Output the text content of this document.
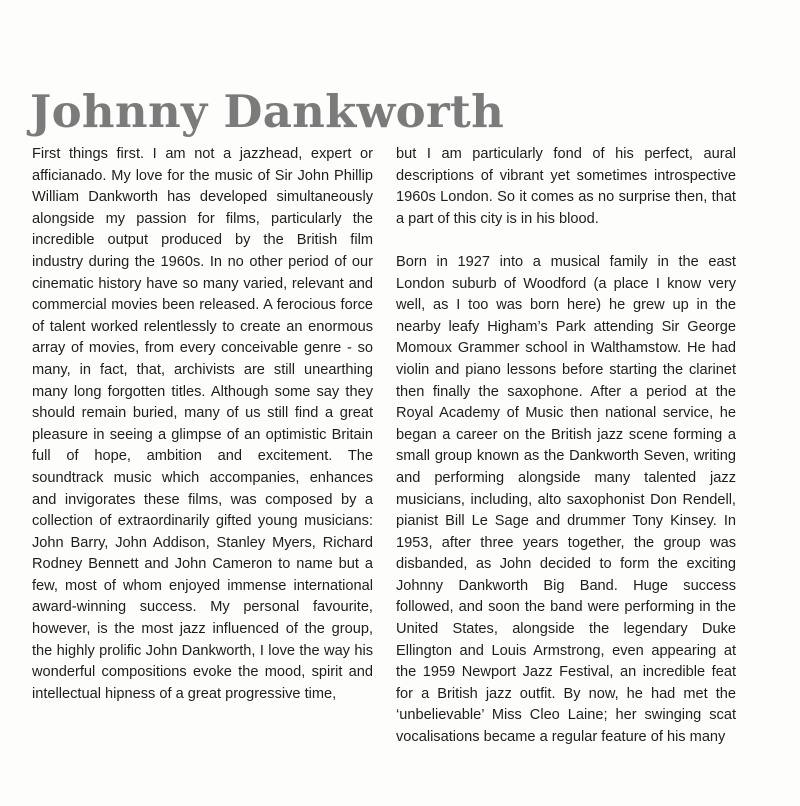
Johnny Dankworth

First things first. I am not a jazzhead, expert or afficianado. My love for the music of Sir John Phillip William Dankworth has developed simultaneously alongside my passion for films, particularly the incredible output produced by the British film industry during the 1960s. In no other period of our cinematic history have so many varied, relevant and commercial movies been released. A ferocious force of talent worked relentlessly to create an enormous array of movies, from every conceivable genre - so many, in fact, that, archivists are still unearthing many long forgotten titles. Although some say they should remain buried, many of us still find a great pleasure in seeing a glimpse of an optimistic Britain full of hope, ambition and excitement. The soundtrack music which accompanies, enhances and invigorates these films, was composed by a collection of extraordinarily gifted young musicians: John Barry, John Addison, Stanley Myers, Richard Rodney Bennett and John Cameron to name but a few, most of whom enjoyed immense international award-winning success. My personal favourite, however, is the most jazz influenced of the group, the highly prolific John Dankworth, I love the way his wonderful compositions evoke the mood, spirit and intellectual hipness of a great progressive time,

but I am particularly fond of his perfect, aural descriptions of vibrant yet sometimes introspective 1960s London. So it comes as no surprise then, that a part of this city is in his blood.

Born in 1927 into a musical family in the east London suburb of Woodford (a place I know very well, as I too was born here) he grew up in the nearby leafy Higham’s Park attending Sir George Momoux Grammer school in Walthamstow. He had violin and piano lessons before starting the clarinet then finally the saxophone. After a period at the Royal Academy of Music then national service, he began a career on the British jazz scene forming a small group known as the Dankworth Seven, writing and performing alongside many talented jazz musicians, including, alto saxophonist Don Rendell, pianist Bill Le Sage and drummer Tony Kinsey. In 1953, after three years together, the group was disbanded, as John decided to form the exciting Johnny Dankworth Big Band. Huge success followed, and soon the band were performing in the United States, alongside the legendary Duke Ellington and Louis Armstrong, even appearing at the 1959 Newport Jazz Festival, an incredible feat for a British jazz outfit. By now, he had met the ‘unbelievable’ Miss Cleo Laine; her swinging scat vocalisations became a regular feature of his many
